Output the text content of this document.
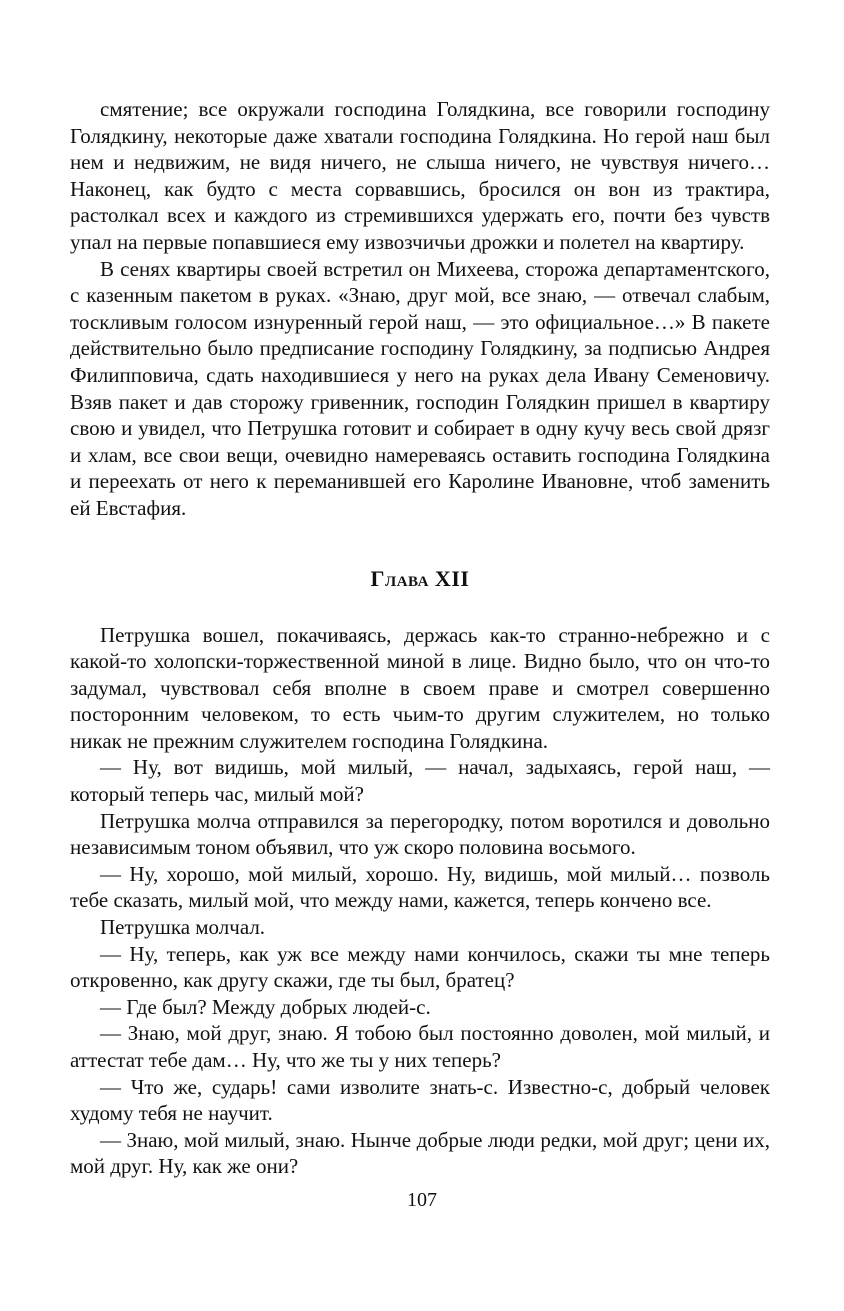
смятение; все окружали господина Голядкина, все говорили господину Голядкину, некоторые даже хватали господина Голядкина. Но герой наш был нем и недвижим, не видя ничего, не слыша ничего, не чувствуя ничего… Наконец, как будто с места сорвавшись, бросился он вон из трактира, растолкал всех и каждого из стремившихся удержать его, почти без чувств упал на первые попавшиеся ему извозчичьи дрожки и полетел на квартиру.

В сенях квартиры своей встретил он Михеева, сторожа департаментского, с казенным пакетом в руках. «Знаю, друг мой, все знаю, — отвечал слабым, тоскливым голосом изнуренный герой наш, — это официальное…» В пакете действительно было предписание господину Голядкину, за подписью Андрея Филипповича, сдать находившиеся у него на руках дела Ивану Семеновичу. Взяв пакет и дав сторожу гривенник, господин Голядкин пришел в квартиру свою и увидел, что Петрушка готовит и собирает в одну кучу весь свой дрязг и хлам, все свои вещи, очевидно намереваясь оставить господина Голядкина и переехать от него к переманившей его Каролине Ивановне, чтоб заменить ей Евстафия.

Глава XII

Петрушка вошел, покачиваясь, держась как-то странно-небрежно и с какой-то холопски-торжественной миной в лице. Видно было, что он что-то задумал, чувствовал себя вполне в своем праве и смотрел совершенно посторонним человеком, то есть чьим-то другим служителем, но только никак не прежним служителем господина Голядкина.

— Ну, вот видишь, мой милый, — начал, задыхаясь, герой наш, — который теперь час, милый мой?

Петрушка молча отправился за перегородку, потом воротился и довольно независимым тоном объявил, что уж скоро половина восьмого.

— Ну, хорошо, мой милый, хорошо. Ну, видишь, мой милый… позволь тебе сказать, милый мой, что между нами, кажется, теперь кончено все.

Петрушка молчал.

— Ну, теперь, как уж все между нами кончилось, скажи ты мне теперь откровенно, как другу скажи, где ты был, братец?

— Где был? Между добрых людей-с.

— Знаю, мой друг, знаю. Я тобою был постоянно доволен, мой милый, и аттестат тебе дам… Ну, что же ты у них теперь?

— Что же, сударь! сами изволите знать-с. Известно-с, добрый человек худому тебя не научит.

— Знаю, мой милый, знаю. Нынче добрые люди редки, мой друг; цени их, мой друг. Ну, как же они?

107
